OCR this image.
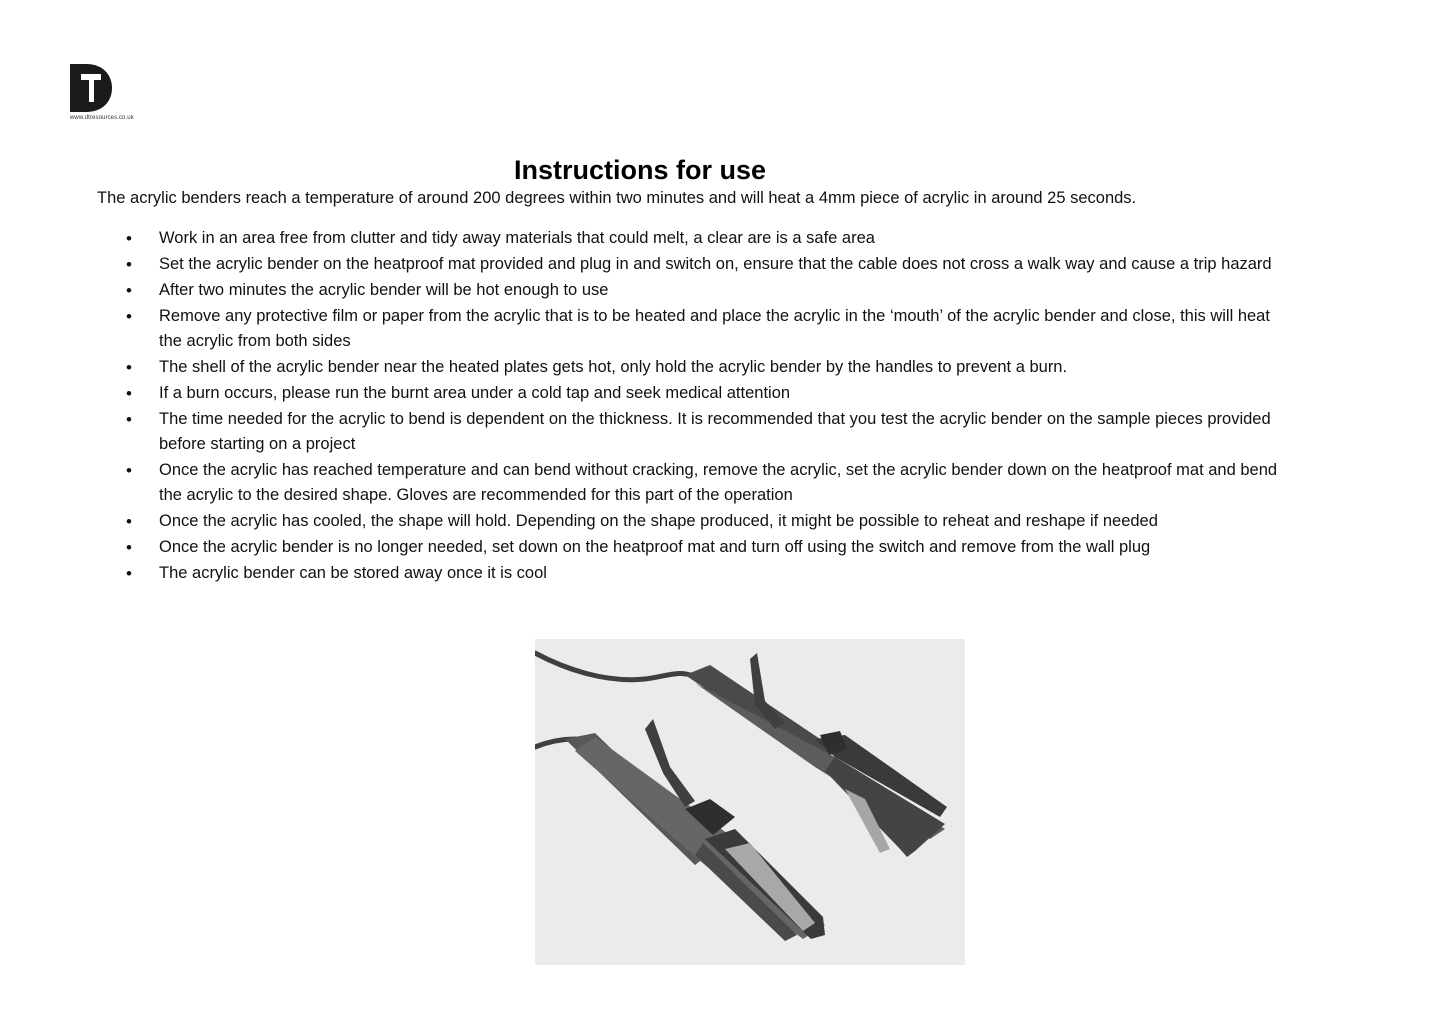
www.dtresources.co.uk
Instructions for use

The acrylic benders reach a temperature of around 200 degrees within two minutes and will heat a 4mm piece of acrylic in around 25 seconds.

• Work in an area free from clutter and tidy away materials that could melt, a clear are is a safe area
• Set the acrylic bender on the heatproof mat provided and plug in and switch on, ensure that the cable does not cross a walk way and cause a trip hazard
• After two minutes the acrylic bender will be hot enough to use
• Remove any protective film or paper from the acrylic that is to be heated and place the acrylic in the ‘mouth’ of the acrylic bender and close, this will heat the acrylic from both sides
• The shell of the acrylic bender near the heated plates gets hot, only hold the acrylic bender by the handles to prevent a burn.
• If a burn occurs, please run the burnt area under a cold tap and seek medical attention
• The time needed for the acrylic to bend is dependent on the thickness. It is recommended that you test the acrylic bender on the sample pieces provided before starting on a project
• Once the acrylic has reached temperature and can bend without cracking, remove the acrylic, set the acrylic bender down on the heatproof mat and bend the acrylic to the desired shape. Gloves are recommended for this part of the operation
• Once the acrylic has cooled, the shape will hold. Depending on the shape produced, it might be possible to reheat and reshape if needed
• Once the acrylic bender is no longer needed, set down on the heatproof mat and turn off using the switch and remove from the wall plug
• The acrylic bender can be stored away once it is cool
